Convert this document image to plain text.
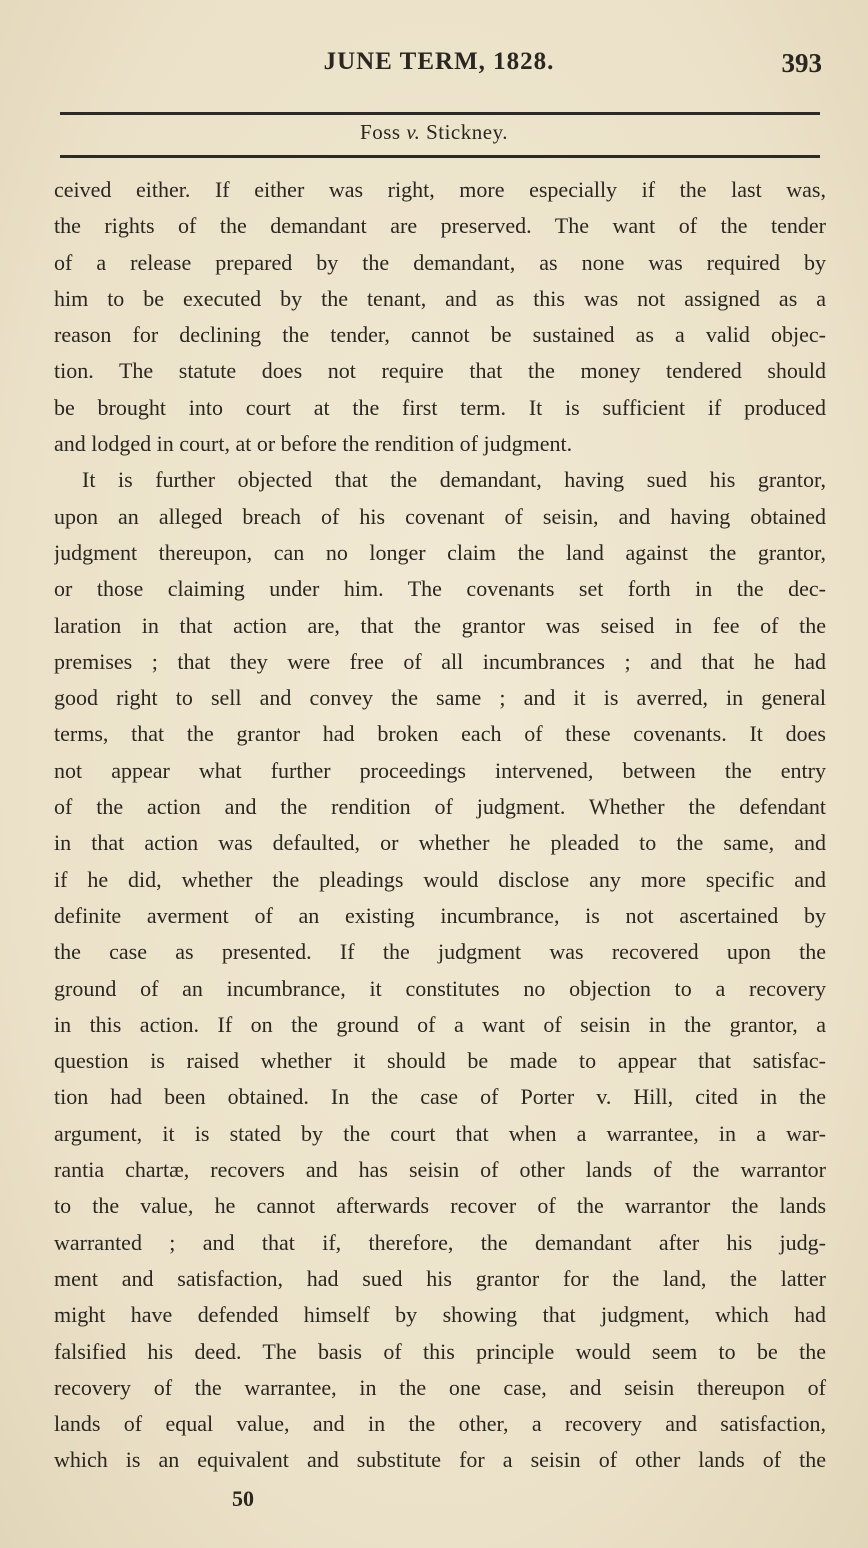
JUNE TERM, 1828.	393
Foss v. Stickney.
ceived either. If either was right, more especially if the last was,
the rights of the demandant are preserved. The want of the tender
of a release prepared by the demandant, as none was required by
him to be executed by the tenant, and as this was not assigned as a
reason for declining the tender, cannot be sustained as a valid objec-
tion. The statute does not require that the money tendered should
be brought into court at the first term. It is sufficient if produced
and lodged in court, at or before the rendition of judgment.
It is further objected that the demandant, having sued his grantor,
upon an alleged breach of his covenant of seisin, and having obtained
judgment thereupon, can no longer claim the land against the grantor,
or those claiming under him. The covenants set forth in the dec-
laration in that action are, that the grantor was seised in fee of the
premises ; that they were free of all incumbrances ; and that he had
good right to sell and convey the same ; and it is averred, in general
terms, that the grantor had broken each of these covenants. It does
not appear what further proceedings intervened, between the entry
of the action and the rendition of judgment. Whether the defendant
in that action was defaulted, or whether he pleaded to the same, and
if he did, whether the pleadings would disclose any more specific and
definite averment of an existing incumbrance, is not ascertained by
the case as presented. If the judgment was recovered upon the
ground of an incumbrance, it constitutes no objection to a recovery
in this action. If on the ground of a want of seisin in the grantor, a
question is raised whether it should be made to appear that satisfac-
tion had been obtained. In the case of Porter v. Hill, cited in the
argument, it is stated by the court that when a warrantee, in a war-
rantia chartæ, recovers and has seisin of other lands of the warrantor
to the value, he cannot afterwards recover of the warrantor the lands
warranted ; and that if, therefore, the demandant after his judg-
ment and satisfaction, had sued his grantor for the land, the latter
might have defended himself by showing that judgment, which had
falsified his deed. The basis of this principle would seem to be the
recovery of the warrantee, in the one case, and seisin thereupon of
lands of equal value, and in the other, a recovery and satisfaction,
which is an equivalent and substitute for a seisin of other lands of the
50
